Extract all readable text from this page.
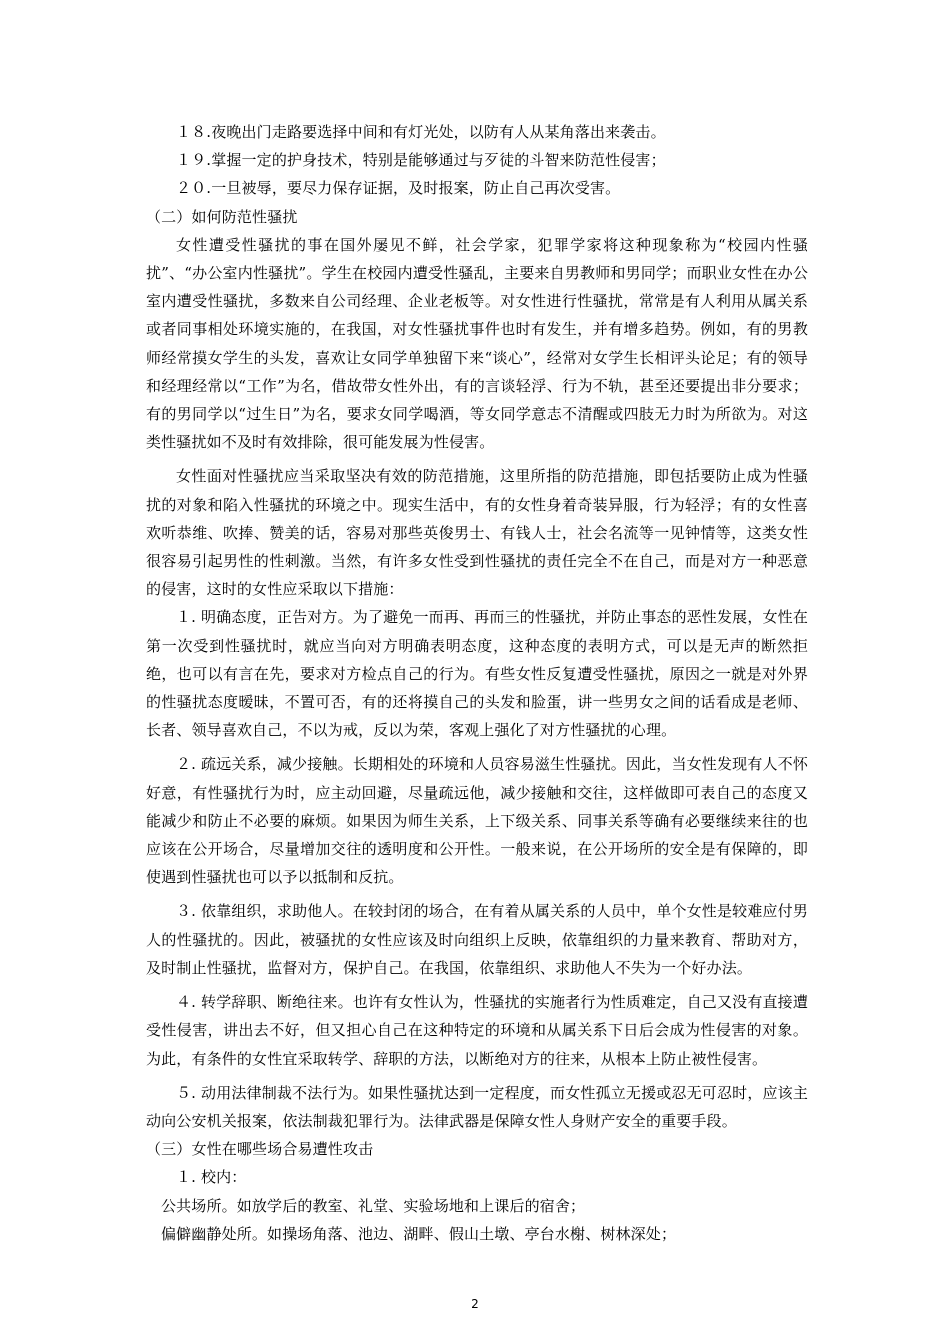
１８.夜晚出门走路要选择中间和有灯光处，以防有人从某角落出来袭击。

１９.掌握一定的护身技术，特别是能够通过与歹徒的斗智来防范性侵害；

２０.一旦被辱，要尽力保存证据，及时报案，防止自己再次受害。

（二）如何防范性骚扰

女性遭受性骚扰的事在国外屡见不鲜，社会学家，犯罪学家将这种现象称为“校园内性骚扰”、“办公室内性骚扰”。学生在校园内遭受性骚乱，主要来自男教师和男同学；而职业女性在办公室内遭受性骚扰，多数来自公司经理、企业老板等。对女性进行性骚扰，常常是有人利用从属关系或者同事相处环境实施的，在我国，对女性骚扰事件也时有发生，并有增多趋势。例如，有的男教师经常摸女学生的头发，喜欢让女同学单独留下来“谈心”，经常对女学生长相评头论足；有的领导和经理经常以“工作”为名，借故带女性外出，有的言谈轻浮、行为不轨，甚至还要提出非分要求；有的男同学以“过生日”为名，要求女同学喝酒，等女同学意志不清醒或四肢无力时为所欲为。对这类性骚扰如不及时有效排除，很可能发展为性侵害。

女性面对性骚扰应当采取坚决有效的防范措施，这里所指的防范措施，即包括要防止成为性骚扰的对象和陷入性骚扰的环境之中。现实生活中，有的女性身着奇装异服，行为轻浮；有的女性喜欢听恭维、吹捧、赞美的话，容易对那些英俊男士、有钱人士，社会名流等一见钟情等，这类女性很容易引起男性的性刺激。当然，有许多女性受到性骚扰的责任完全不在自己，而是对方一种恶意的侵害，这时的女性应采取以下措施：

１. 明确态度，正告对方。为了避免一而再、再而三的性骚扰，并防止事态的恶性发展，女性在第一次受到性骚扰时，就应当向对方明确表明态度，这种态度的表明方式，可以是无声的断然拒绝，也可以有言在先，要求对方检点自己的行为。有些女性反复遭受性骚扰，原因之一就是对外界的性骚扰态度暧昧，不置可否，有的还将摸自己的头发和脸蛋，讲一些男女之间的话看成是老师、长者、领导喜欢自己，不以为戒，反以为荣，客观上强化了对方性骚扰的心理。

２. 疏远关系，减少接触。长期相处的环境和人员容易滋生性骚扰。因此，当女性发现有人不怀好意，有性骚扰行为时，应主动回避，尽量疏远他，减少接触和交往，这样做即可表自己的态度又能减少和防止不必要的麻烦。如果因为师生关系，上下级关系、同事关系等确有必要继续来往的也应该在公开场合，尽量增加交往的透明度和公开性。一般来说，在公开场所的安全是有保障的，即使遇到性骚扰也可以予以抵制和反抗。

３. 依靠组织，求助他人。在较封闭的场合，在有着从属关系的人员中，单个女性是较难应付男人的性骚扰的。因此，被骚扰的女性应该及时向组织上反映，依靠组织的力量来教育、帮助对方，及时制止性骚扰，监督对方，保护自己。在我国，依靠组织、求助他人不失为一个好办法。

４. 转学辞职、断绝往来。也许有女性认为，性骚扰的实施者行为性质难定，自己又没有直接遭受性侵害，讲出去不好，但又担心自己在这种特定的环境和从属关系下日后会成为性侵害的对象。为此，有条件的女性宜采取转学、辞职的方法，以断绝对方的往来，从根本上防止被性侵害。

５. 动用法律制裁不法行为。如果性骚扰达到一定程度，而女性孤立无援或忍无可忍时，应该主动向公安机关报案，依法制裁犯罪行为。法律武器是保障女性人身财产安全的重要手段。

（三）女性在哪些场合易遭性攻击

１. 校内：

公共场所。如放学后的教室、礼堂、实验场地和上课后的宿舍；

偏僻幽静处所。如操场角落、池边、湖畔、假山土墩、亭台水榭、树林深处；

2
